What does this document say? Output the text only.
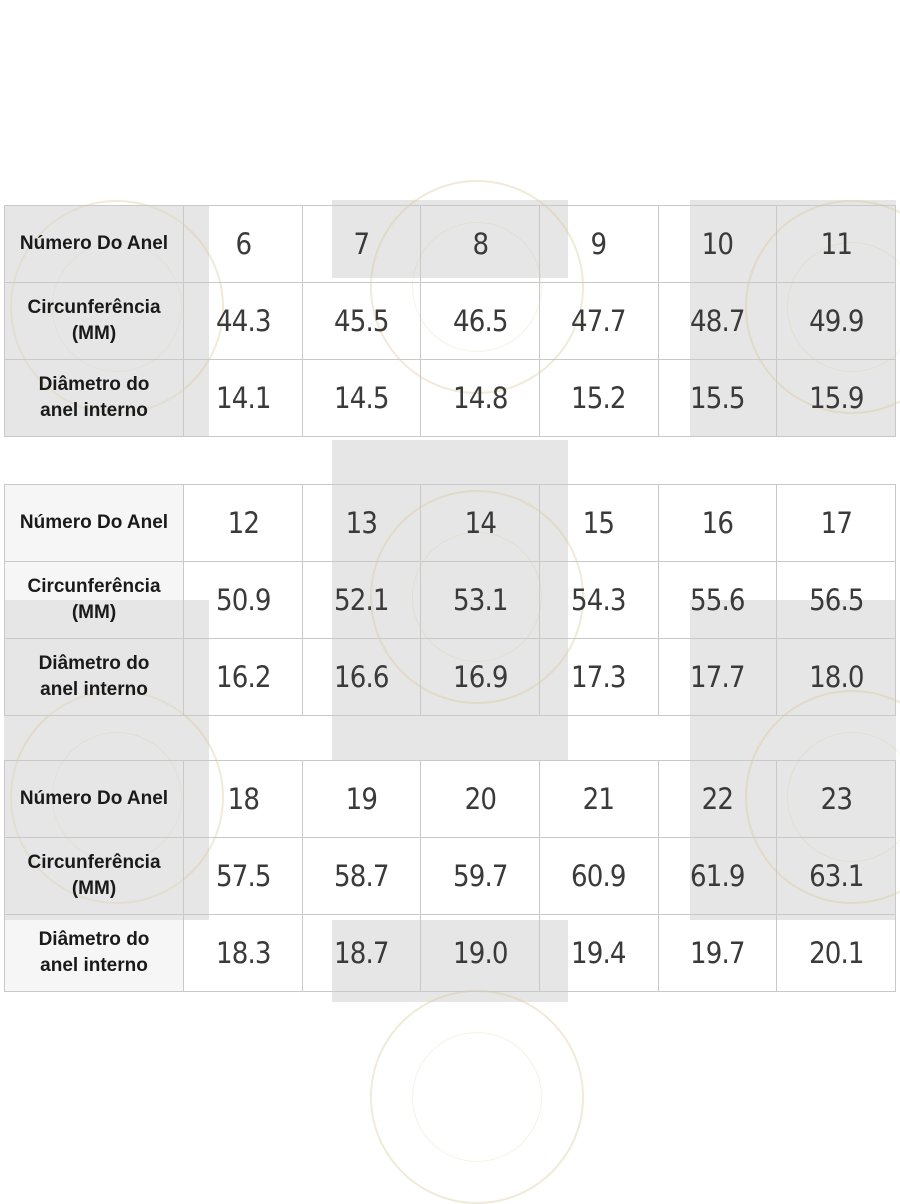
Número Do Anel	6	7	8	9	10	11
Circunferência
(MM)	44.3	45.5	46.5	47.7	48.7	49.9
Diâmetro do
anel interno	14.1	14.5	14.8	15.2	15.5	15.9
Número Do Anel	12	13	14	15	16	17
Circunferência
(MM)	50.9	52.1	53.1	54.3	55.6	56.5
Diâmetro do
anel interno	16.2	16.6	16.9	17.3	17.7	18.0
Número Do Anel	18	19	20	21	22	23
Circunferência
(MM)	57.5	58.7	59.7	60.9	61.9	63.1
Diâmetro do
anel interno	18.3	18.7	19.0	19.4	19.7	20.1
